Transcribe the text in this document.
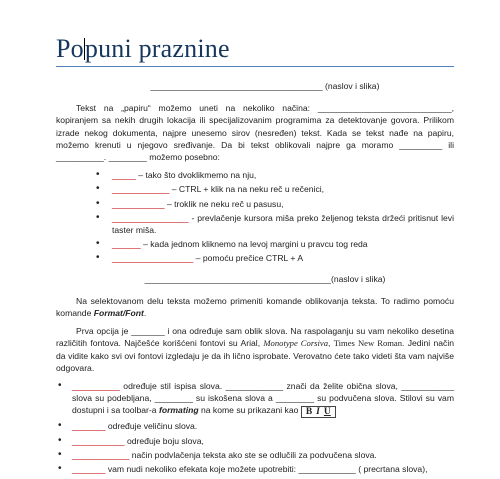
Popuni praznine
____________________________________ (naslov i slika)

Tekst na „papiru“ možemo uneti na nekoliko načina: ____________________________, kopiranjem sa nekih drugih lokacija ili specijalizovanim programima za detektovanje govora. Prilikom izrade nekog dokumenta, najpre unesemo sirov (nesređen) tekst. Kada se tekst nađe na papiru, možemo krenuti u njegovo sređivanje. Da bi tekst oblikovali najpre ga moramo _________ ili __________. ________ možemo posebno:

• _____ – tako što dvoklikmemo na nju,
• ____________ – CTRL + klik na na neku reč u rečenici,
• ___________ – troklik ne neku reč u pasusu,
• ________________ - prevlačenje kursora miša preko željenog teksta držeći pritisnut levi taster miša.
• ______ – kada jednom kliknemo na levoj margini u pravcu tog reda
• _________________ – pomoću prečice CTRL + A
_______________________________________(naslov i slika)

Na selektovanom delu teksta možemo primeniti komande oblikovanja teksta. To radimo pomoću komande Format/Font.

Prva opcija je _______ i ona određuje sam oblik slova. Na raspolaganju su vam nekoliko desetina različitih fontova. Najčešće korišćeni fontovi su Arial, Monotype Corsiva, Times New Roman. Jedini način da vidite kako svi ovi fontovi izgledaju je da ih lično isprobate. Verovatno ćete tako videti šta vam najviše odgovara.

• __________ određuje stil ispisa slova. ____________ znači da želite obična slova, ___________ slova su podebljana, ________ su iskošena slova a ________ su podvučena slova. Stilovi su vam dostupni i sa toolbar-a formating na kome su prikazani kao B I U
• _______ određuje veličinu slova.
• ___________ određuje boju slova,
• ____________ način podvlačenja teksta ako ste se odlučili za podvučena slova.
• _______ vam nudi nekoliko efekata koje možete upotrebiti: ____________ ( precrtana slova),
